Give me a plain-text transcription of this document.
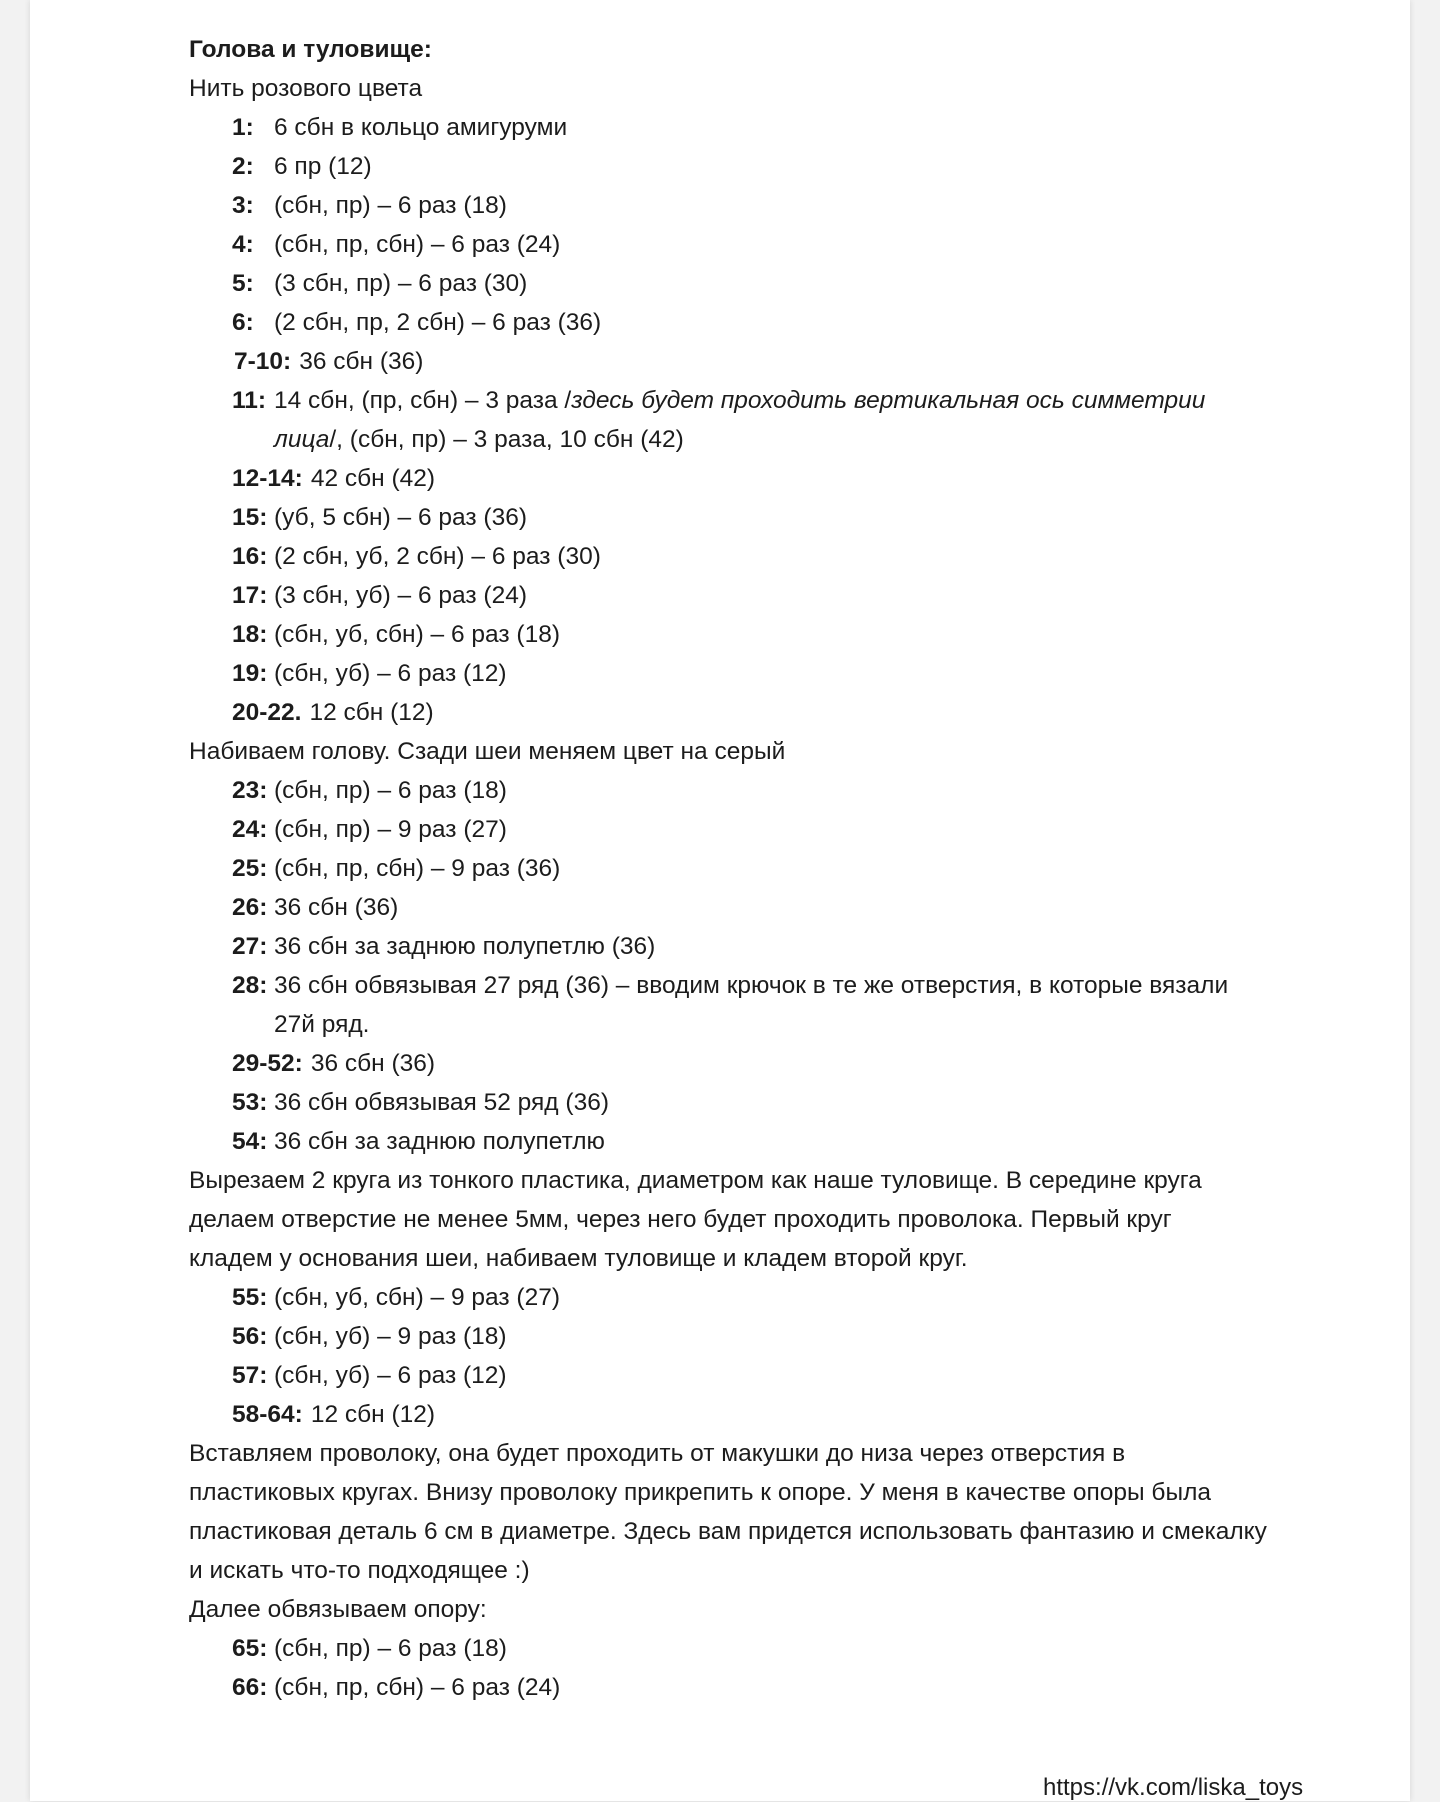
Голова и туловище:
Нить розового цвета
1: 6 сбн в кольцо амигуруми
2: 6 пр (12)
3: (сбн, пр) – 6 раз (18)
4: (сбн, пр, сбн) – 6 раз (24)
5: (3 сбн, пр) – 6 раз (30)
6: (2 сбн, пр, 2 сбн) – 6 раз (36)
7-10: 36 сбн (36)
11: 14 сбн, (пр, сбн) – 3 раза /здесь будет проходить вертикальная ось симметрии
лица/, (сбн, пр) – 3 раза, 10 сбн (42)
12-14: 42 сбн (42)
15: (уб, 5 сбн) – 6 раз (36)
16: (2 сбн, уб, 2 сбн) – 6 раз (30)
17: (3 сбн, уб) – 6 раз (24)
18: (сбн, уб, сбн) – 6 раз (18)
19: (сбн, уб) – 6 раз (12)
20-22. 12 сбн (12)
Набиваем голову. Сзади шеи меняем цвет на серый
23: (сбн, пр) – 6 раз (18)
24: (сбн, пр) – 9 раз (27)
25: (сбн, пр, сбн) – 9 раз (36)
26: 36 сбн (36)
27: 36 сбн за заднюю полупетлю (36)
28: 36 сбн обвязывая 27 ряд (36) – вводим крючок в те же отверстия, в которые вязали
27й ряд.
29-52: 36 сбн (36)
53: 36 сбн обвязывая 52 ряд (36)
54: 36 сбн за заднюю полупетлю
Вырезаем 2 круга из тонкого пластика, диаметром как наше туловище. В середине круга
делаем отверстие не менее 5мм, через него будет проходить проволока. Первый круг
кладем у основания шеи, набиваем туловище и кладем второй круг.
55: (сбн, уб, сбн) – 9 раз (27)
56: (сбн, уб) – 9 раз (18)
57: (сбн, уб) – 6 раз (12)
58-64: 12 сбн (12)
Вставляем проволоку, она будет проходить от макушки до низа через отверстия в
пластиковых кругах. Внизу проволоку прикрепить к опоре. У меня в качестве опоры была
пластиковая деталь 6 см в диаметре. Здесь вам придется использовать фантазию и смекалку
и искать что-то подходящее :)
Далее обвязываем опору:
65: (сбн, пр) – 6 раз (18)
66: (сбн, пр, сбн) – 6 раз (24)
https://vk.com/liska_toys
